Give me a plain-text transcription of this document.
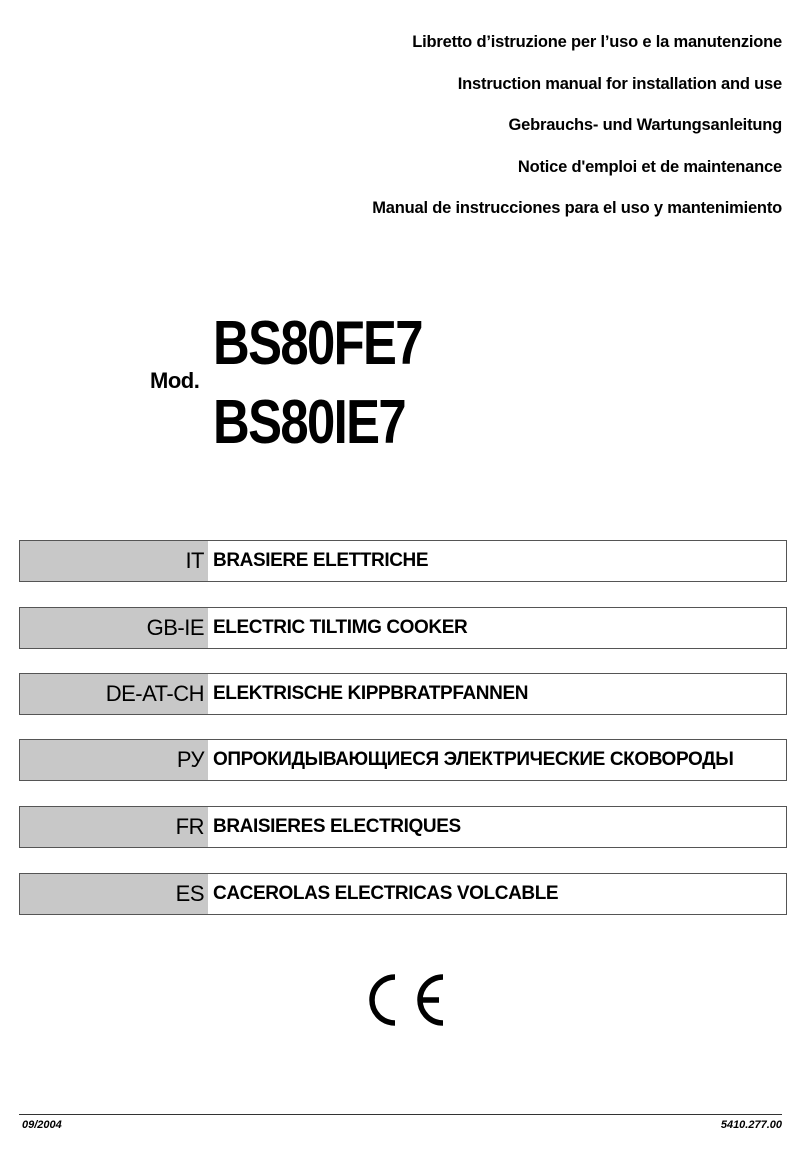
Libretto d’istruzione per l’uso e la manutenzione
Instruction manual for installation and use
Gebrauchs- und Wartungsanleitung
Notice d'emploi et de maintenance
Manual de instrucciones para el uso y mantenimiento
Mod.
BS80FE7
BS80IE7
IT BRASIERE ELETTRICHE
GB-IE ELECTRIC TILTIMG COOKER
DE-AT-CH ELEKTRISCHE KIPPBRATPFANNEN
РУ ОПРОКИДЫВАЮЩИЕСЯ ЭЛЕКТРИЧЕСКИЕ СКОВОРОДЫ
FR BRAISIERES ELECTRIQUES
ES CACEROLAS ELECTRICAS VOLCABLE
09/2004	5410.277.00
